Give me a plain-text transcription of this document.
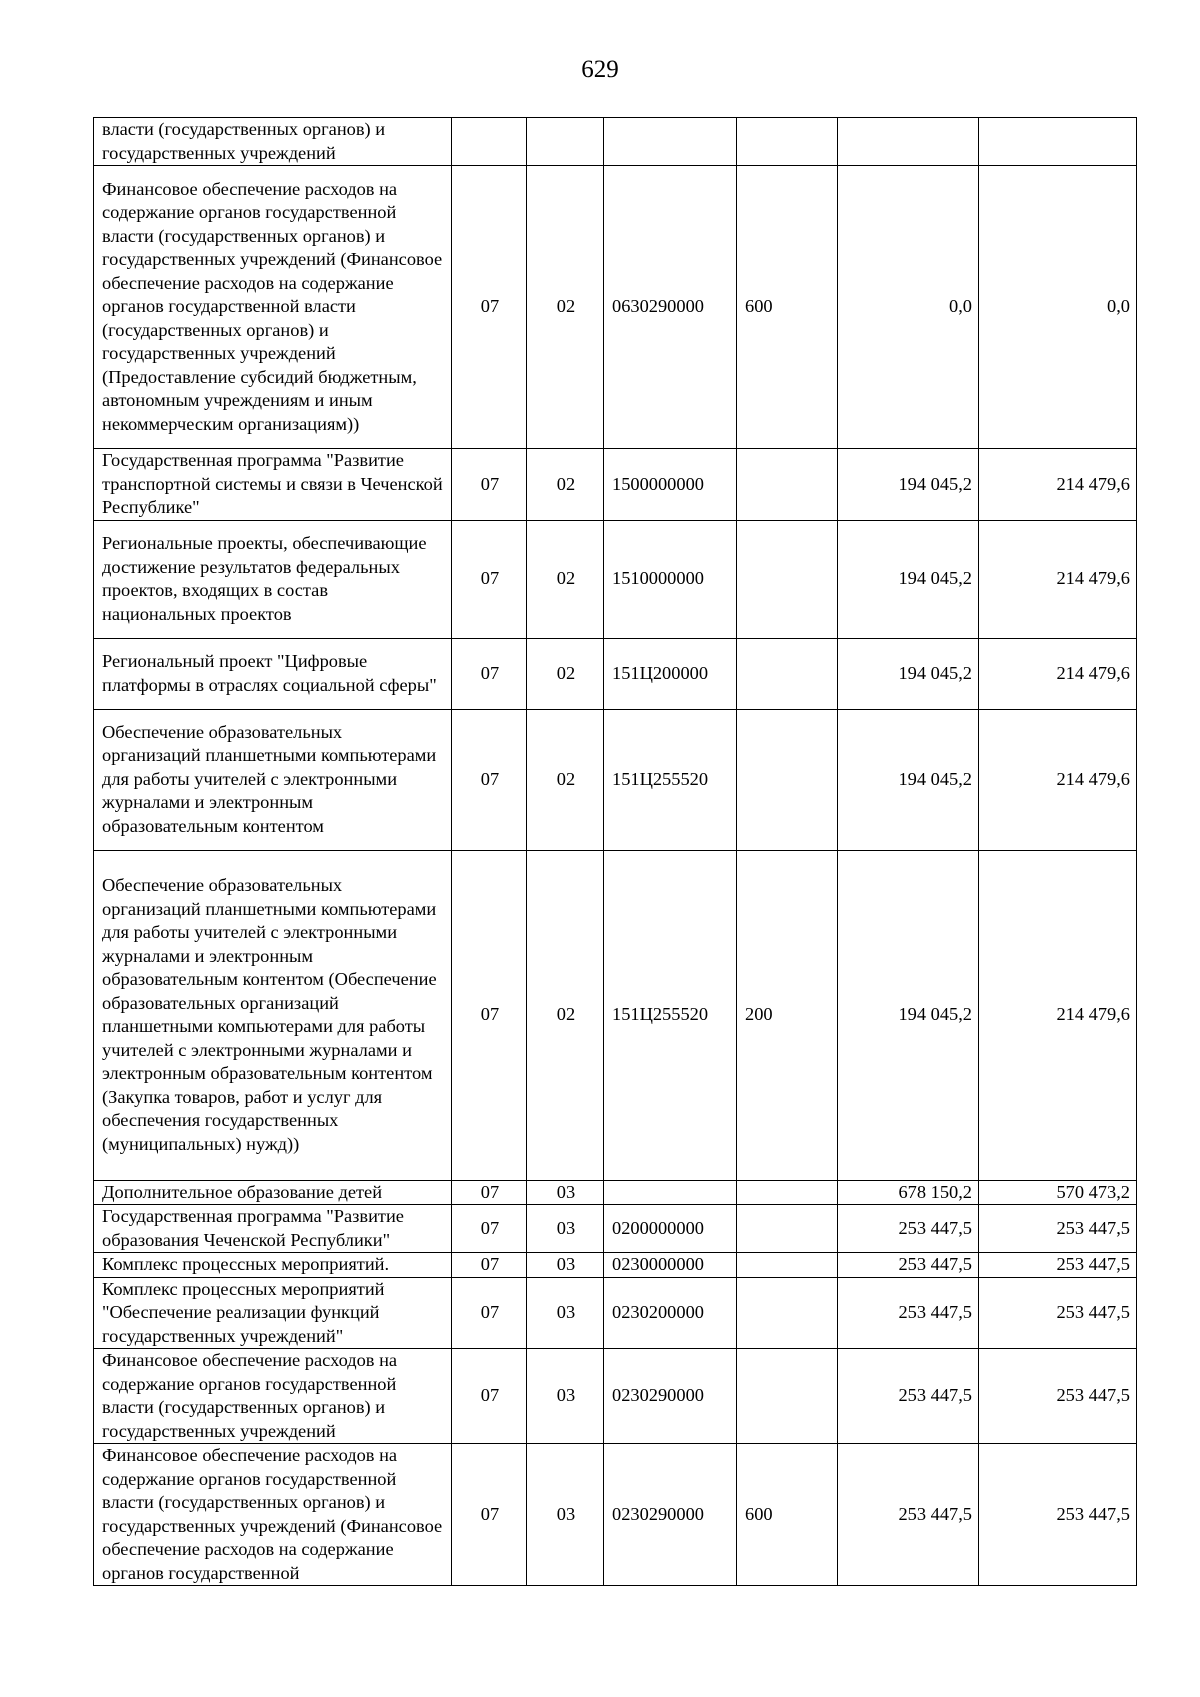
629
власти (государственных органов) и государственных учреждений						
Финансовое обеспечение расходов на содержание органов государственной власти (государственных органов) и государственных учреждений (Финансовое обеспечение расходов на содержание органов государственной власти (государственных органов) и государственных учреждений (Предоставление субсидий бюджетным, автономным учреждениям и иным некоммерческим организациям))	07	02	0630290000	600	0,0	0,0
Государственная программа "Развитие транспортной системы и связи в Чеченской Республике"	07	02	1500000000		194 045,2	214 479,6
Региональные проекты, обеспечивающие достижение результатов федеральных проектов, входящих в состав национальных проектов	07	02	1510000000		194 045,2	214 479,6
Региональный проект "Цифровые платформы в отраслях социальной сферы"	07	02	151Ц200000		194 045,2	214 479,6
Обеспечение образовательных организаций планшетными компьютерами для работы учителей с электронными журналами и электронным образовательным контентом	07	02	151Ц255520		194 045,2	214 479,6
Обеспечение образовательных организаций планшетными компьютерами для работы учителей с электронными журналами и электронным образовательным контентом (Обеспечение образовательных организаций планшетными компьютерами для работы учителей с электронными журналами и электронным образовательным контентом (Закупка товаров, работ и услуг для обеспечения государственных (муниципальных) нужд))	07	02	151Ц255520	200	194 045,2	214 479,6
Дополнительное образование детей	07	03			678 150,2	570 473,2
Государственная программа "Развитие образования Чеченской Республики"	07	03	0200000000		253 447,5	253 447,5
Комплекс процессных мероприятий.	07	03	0230000000		253 447,5	253 447,5
Комплекс процессных мероприятий "Обеспечение реализации функций государственных учреждений"	07	03	0230200000		253 447,5	253 447,5
Финансовое обеспечение расходов на содержание органов государственной власти (государственных органов) и государственных учреждений	07	03	0230290000		253 447,5	253 447,5
Финансовое обеспечение расходов на содержание органов государственной власти (государственных органов) и государственных учреждений (Финансовое обеспечение расходов на содержание органов государственной	07	03	0230290000	600	253 447,5	253 447,5
